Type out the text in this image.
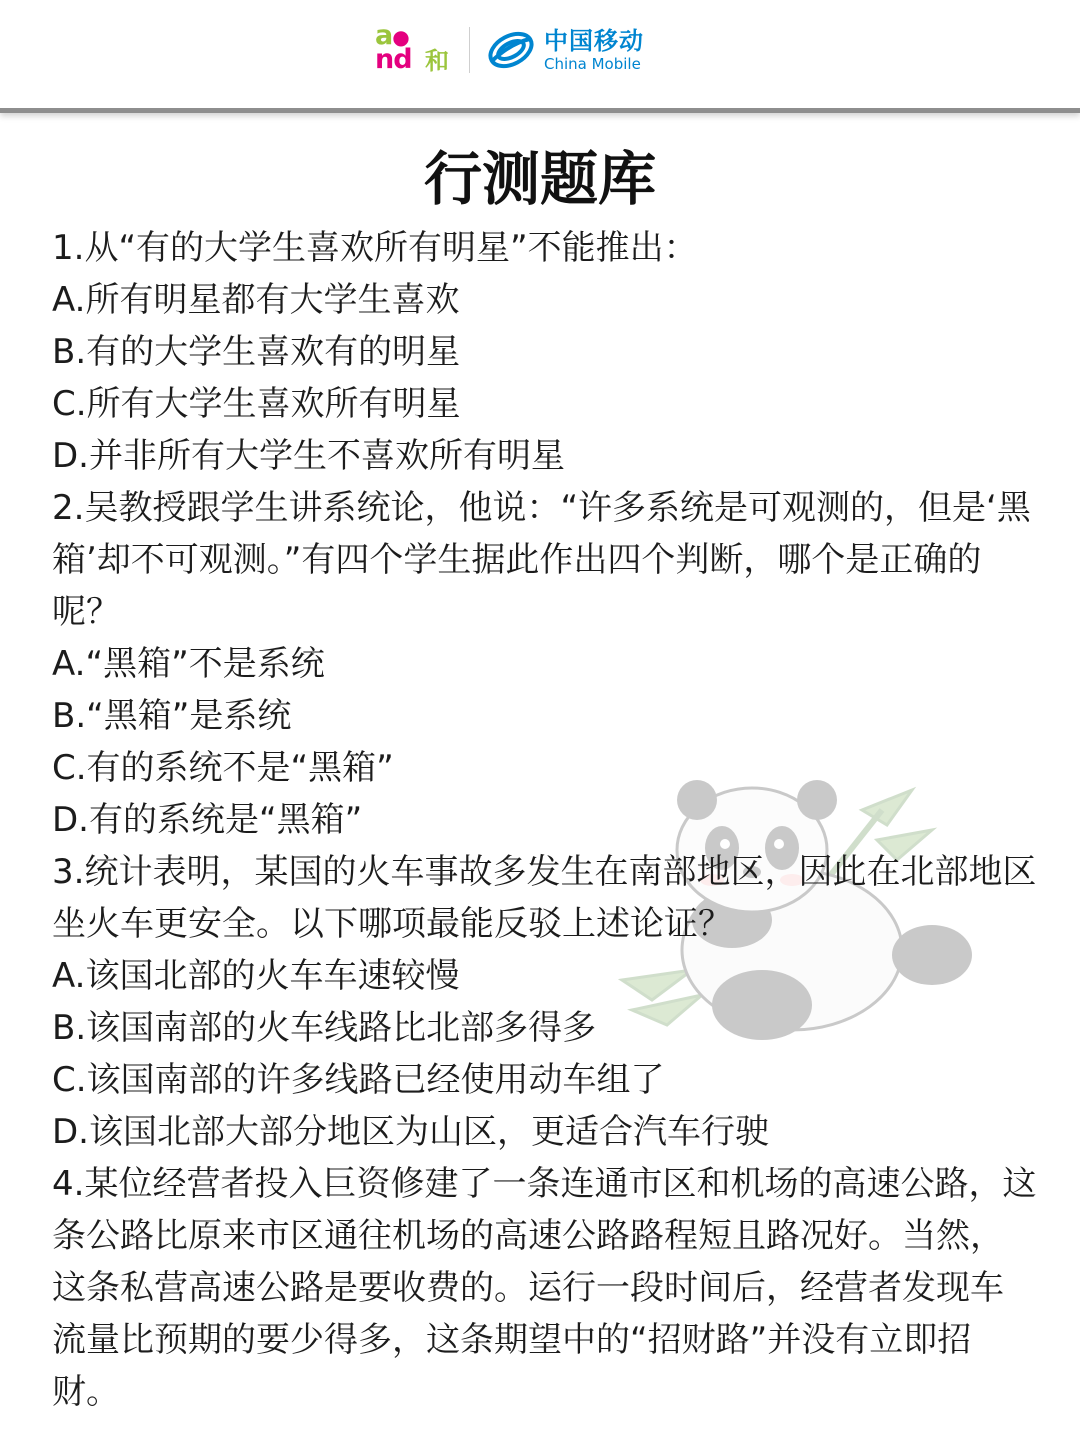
a●
nd 和
中国移动
China Mobile
行测题库

1.从“有的大学生喜欢所有明星”不能推出：

A.所有明星都有大学生喜欢

B.有的大学生喜欢有的明星

C.所有大学生喜欢所有明星

D.并非所有大学生不喜欢所有明星

2.吴教授跟学生讲系统论，他说：“许多系统是可观测的，但是‘黑箱’却不可观测。”有四个学生据此作出四个判断，哪个是正确的呢？

A.“黑箱”不是系统

B.“黑箱”是系统

C.有的系统不是“黑箱”

D.有的系统是“黑箱”

3.统计表明，某国的火车事故多发生在南部地区，因此在北部地区坐火车更安全。以下哪项最能反驳上述论证？

A.该国北部的火车车速较慢

B.该国南部的火车线路比北部多得多

C.该国南部的许多线路已经使用动车组了

D.该国北部大部分地区为山区，更适合汽车行驶

4.某位经营者投入巨资修建了一条连通市区和机场的高速公路，这条公路比原来市区通往机场的高速公路路程短且路况好。当然，这条私营高速公路是要收费的。运行一段时间后，经营者发现车流量比预期的要少得多，这条期望中的“招财路”并没有立即招财。
